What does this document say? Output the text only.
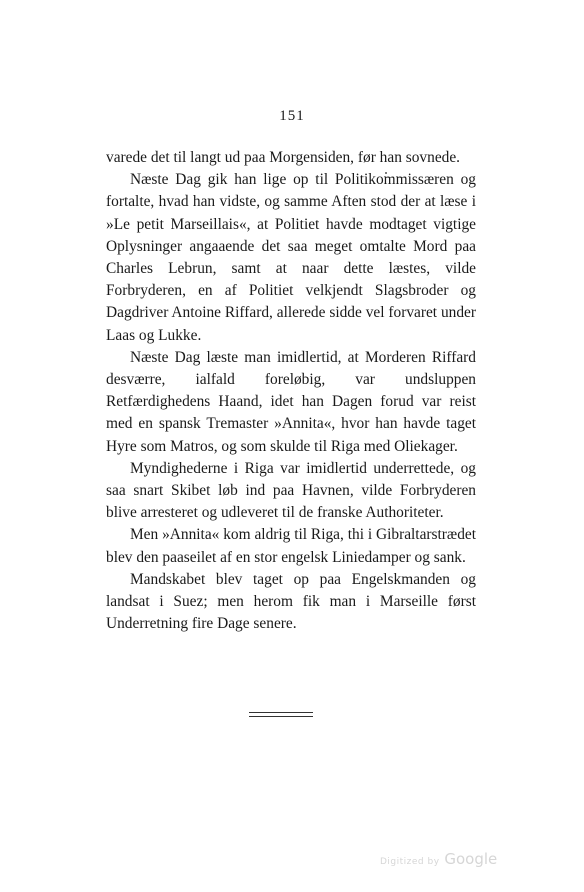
151

varede det til langt ud paa Morgensiden, før han sovnede.

Næste Dag gik han lige op til Politikommissæren og fortalte, hvad han vidste, og samme Aften stod der at læse i »Le petit Marseillais«, at Politiet havde modtaget vigtige Oplysninger angaaende det saa meget omtalte Mord paa Charles Lebrun, samt at naar dette læstes, vilde Forbryderen, en af Politiet velkjendt Slagsbroder og Dagdriver Antoine Riffard, allerede sidde vel forvaret under Laas og Lukke.

Næste Dag læste man imidlertid, at Morderen Riffard desværre, ialfald foreløbig, var undsluppen Retfærdighedens Haand, idet han Dagen forud var reist med en spansk Tremaster »Annita«, hvor han havde taget Hyre som Matros, og som skulde til Riga med Oliekager.

Myndighederne i Riga var imidlertid underrettede, og saa snart Skibet løb ind paa Havnen, vilde Forbryderen blive arresteret og udleveret til de franske Authoriteter.

Men »Annita« kom aldrig til Riga, thi i Gibraltarstrædet blev den paaseilet af en stor engelsk Liniedamper og sank.

Mandskabet blev taget op paa Engelskmanden og landsat i Suez; men herom fik man i Marseille først Underretning fire Dage senere.

Digitized by Google
